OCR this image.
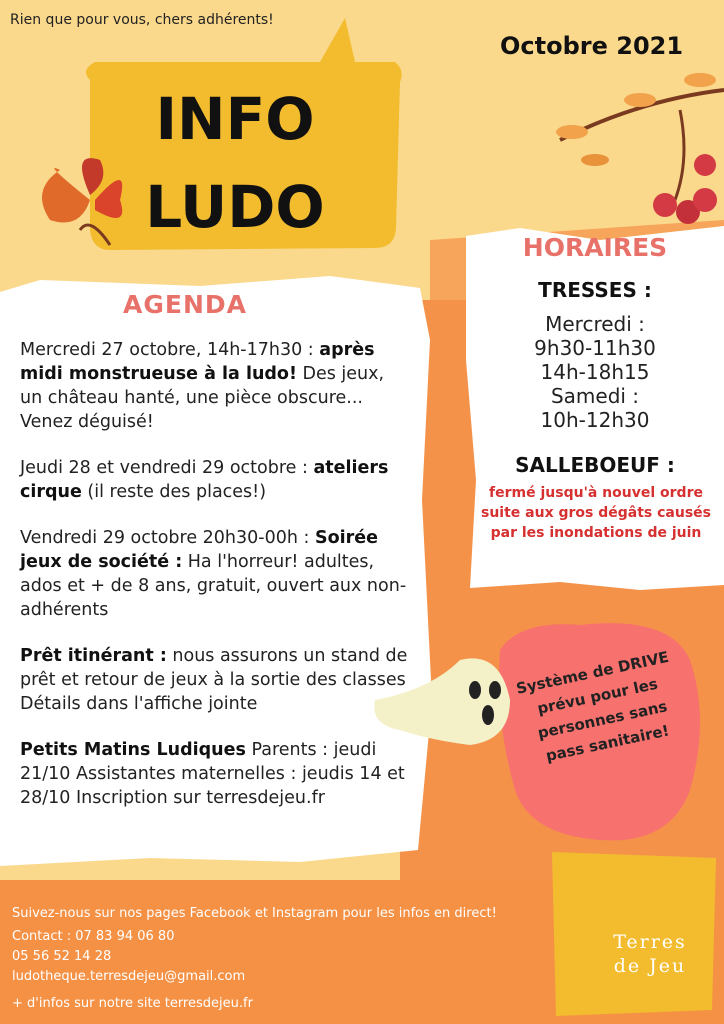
Rien que pour vous, chers adhérents!
Octobre 2021
INFO
LUDO
AGENDA

Mercredi 27 octobre, 14h-17h30 : après midi monstrueuse à la ludo! Des jeux, un château hanté, une pièce obscure... Venez déguisé!

Jeudi 28 et vendredi 29 octobre : ateliers cirque (il reste des places!)

Vendredi 29 octobre 20h30-00h : Soirée jeux de société : Ha l'horreur! adultes, ados et + de 8 ans, gratuit, ouvert aux non-adhérents

Prêt itinérant : nous assurons un stand de prêt et retour de jeux à la sortie des classes Détails dans l'affiche jointe

Petits Matins Ludiques Parents : jeudi 21/10 Assistantes maternelles : jeudis 14 et 28/10 Inscription sur terresdejeu.fr

HORAIRES
TRESSES :
Mercredi :
9h30-11h30
14h-18h15
Samedi :
10h-12h30
SALLEBOEUF :
fermé jusqu'à nouvel ordre suite aux gros dégâts causés par les inondations de juin
Système de DRIVE prévu pour les personnes sans pass sanitaire!
Suivez-nous sur nos pages Facebook et Instagram pour les infos en direct!
Contact : 07 83 94 06 80
05 56 52 14 28
ludotheque.terresdejeu@gmail.com
+ d'infos sur notre site terresdejeu.fr
Terres
de Jeu
